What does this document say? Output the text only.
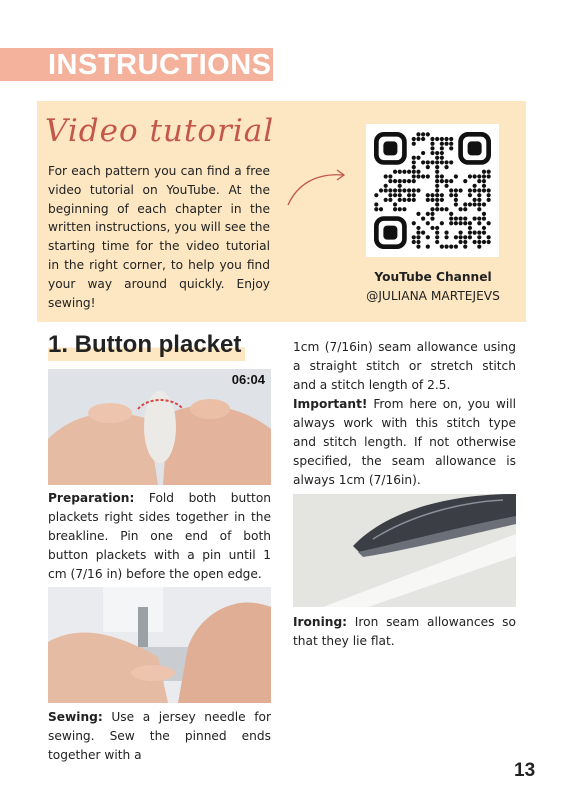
INSTRUCTIONS
Video tutorial
For each pattern you can find a free video tutorial on YouTube. At the beginning of each chapter in the written instructions, you will see the starting time for the video tutorial in the right corner, to help you find your way around quickly. Enjoy sewing!
YouTube Channel
@JULIANA MARTEJEVS
1. Button placket
06:04

Preparation: Fold both button plackets right sides together in the breakline. Pin one end of both button plackets with a pin until 1 cm (7/16 in) before the open edge.

Sewing: Use a jersey needle for sewing. Sew the pinned ends together with a

1cm (7/16in) seam allowance using a straight stitch or stretch stitch and a stitch length of 2.5.

Important! From here on, you will always work with this stitch type and stitch length. If not otherwise specified, the seam allowance is always 1cm (7/16in).

Ironing: Iron seam allowances so that they lie flat.

13
